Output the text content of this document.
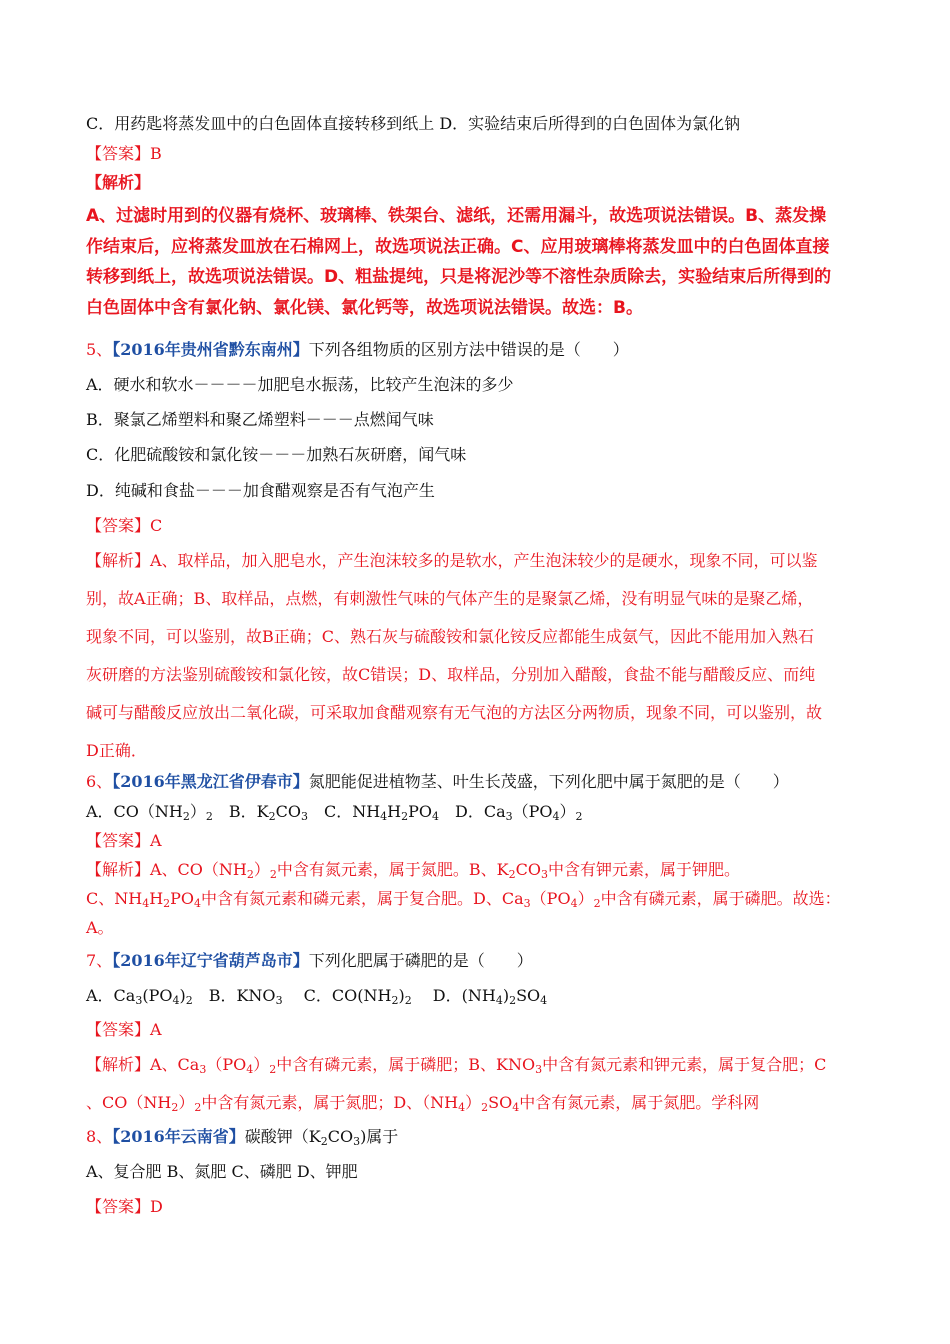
C．用药匙将蒸发皿中的白色固体直接转移到纸上 D．实验结束后所得到的白色固体为氯化钠
【答案】B
【解析】
A、过滤时用到的仪器有烧杯、玻璃棒、铁架台、滤纸，还需用漏斗，故选项说法错误。B、蒸发操
作结束后，应将蒸发皿放在石棉网上，故选项说法正确。C、应用玻璃棒将蒸发皿中的白色固体直接
转移到纸上，故选项说法错误。D、粗盐提纯，只是将泥沙等不溶性杂质除去，实验结束后所得到的
白色固体中含有氯化钠、氯化镁、氯化钙等，故选项说法错误。故选：B。
5、【2016年贵州省黔东南州】下列各组物质的区别方法中错误的是（　　）
A．硬水和软水－－－－加肥皂水振荡，比较产生泡沫的多少
B．聚氯乙烯塑料和聚乙烯塑料－－－点燃闻气味
C．化肥硫酸铵和氯化铵－－－加熟石灰研磨，闻气味
D．纯碱和食盐－－－加食醋观察是否有气泡产生
【答案】C
【解析】A、取样品，加入肥皂水，产生泡沫较多的是软水，产生泡沫较少的是硬水，现象不同，可以鉴
别，故A正确；B、取样品，点燃，有刺激性气味的气体产生的是聚氯乙烯，没有明显气味的是聚乙烯，
现象不同，可以鉴别，故B正确；C、熟石灰与硫酸铵和氯化铵反应都能生成氨气，因此不能用加入熟石
灰研磨的方法鉴别硫酸铵和氯化铵，故C错误；D、取样品，分别加入醋酸，食盐不能与醋酸反应、而纯
碱可与醋酸反应放出二氧化碳，可采取加食醋观察有无气泡的方法区分两物质，现象不同，可以鉴别，故
D正确．
6、【2016年黑龙江省伊春市】氮肥能促进植物茎、叶生长茂盛，下列化肥中属于氮肥的是（　　）
A．$CO(NH_2)_2$　B．$K_2CO_3$　C．$NH_4H_2PO_4$　D．$Ca_3(PO_4)_2$
【答案】A
【解析】A、$CO(NH_2)_2$中含有氮元素，属于氮肥。B、$K_2CO_3$中含有钾元素，属于钾肥。
C、$NH_4H_2PO_4$中含有氮元素和磷元素，属于复合肥。D、$Ca_3(PO_4)_2$中含有磷元素，属于磷肥。故选：
A。
7、【2016年辽宁省葫芦岛市】下列化肥属于磷肥的是（　　）
A．$Ca_3(PO_4)_2$　B．$KNO_3$　 C．$CO(NH_2)_2$　 D．$(NH_4)_2SO_4$
【答案】A
【解析】A、$Ca_3(PO_4)_2$中含有磷元素，属于磷肥；B、$KNO_3$中含有氮元素和钾元素，属于复合肥；C
、$CO(NH_2)_2$中含有氮元素，属于氮肥；D、$(NH_4)_2SO_4$中含有氮元素，属于氮肥。学科网
8、【2016年云南省】碳酸钾$(K_2CO_3)$属于
A、复合肥 B、氮肥 C、磷肥 D、钾肥
【答案】D
